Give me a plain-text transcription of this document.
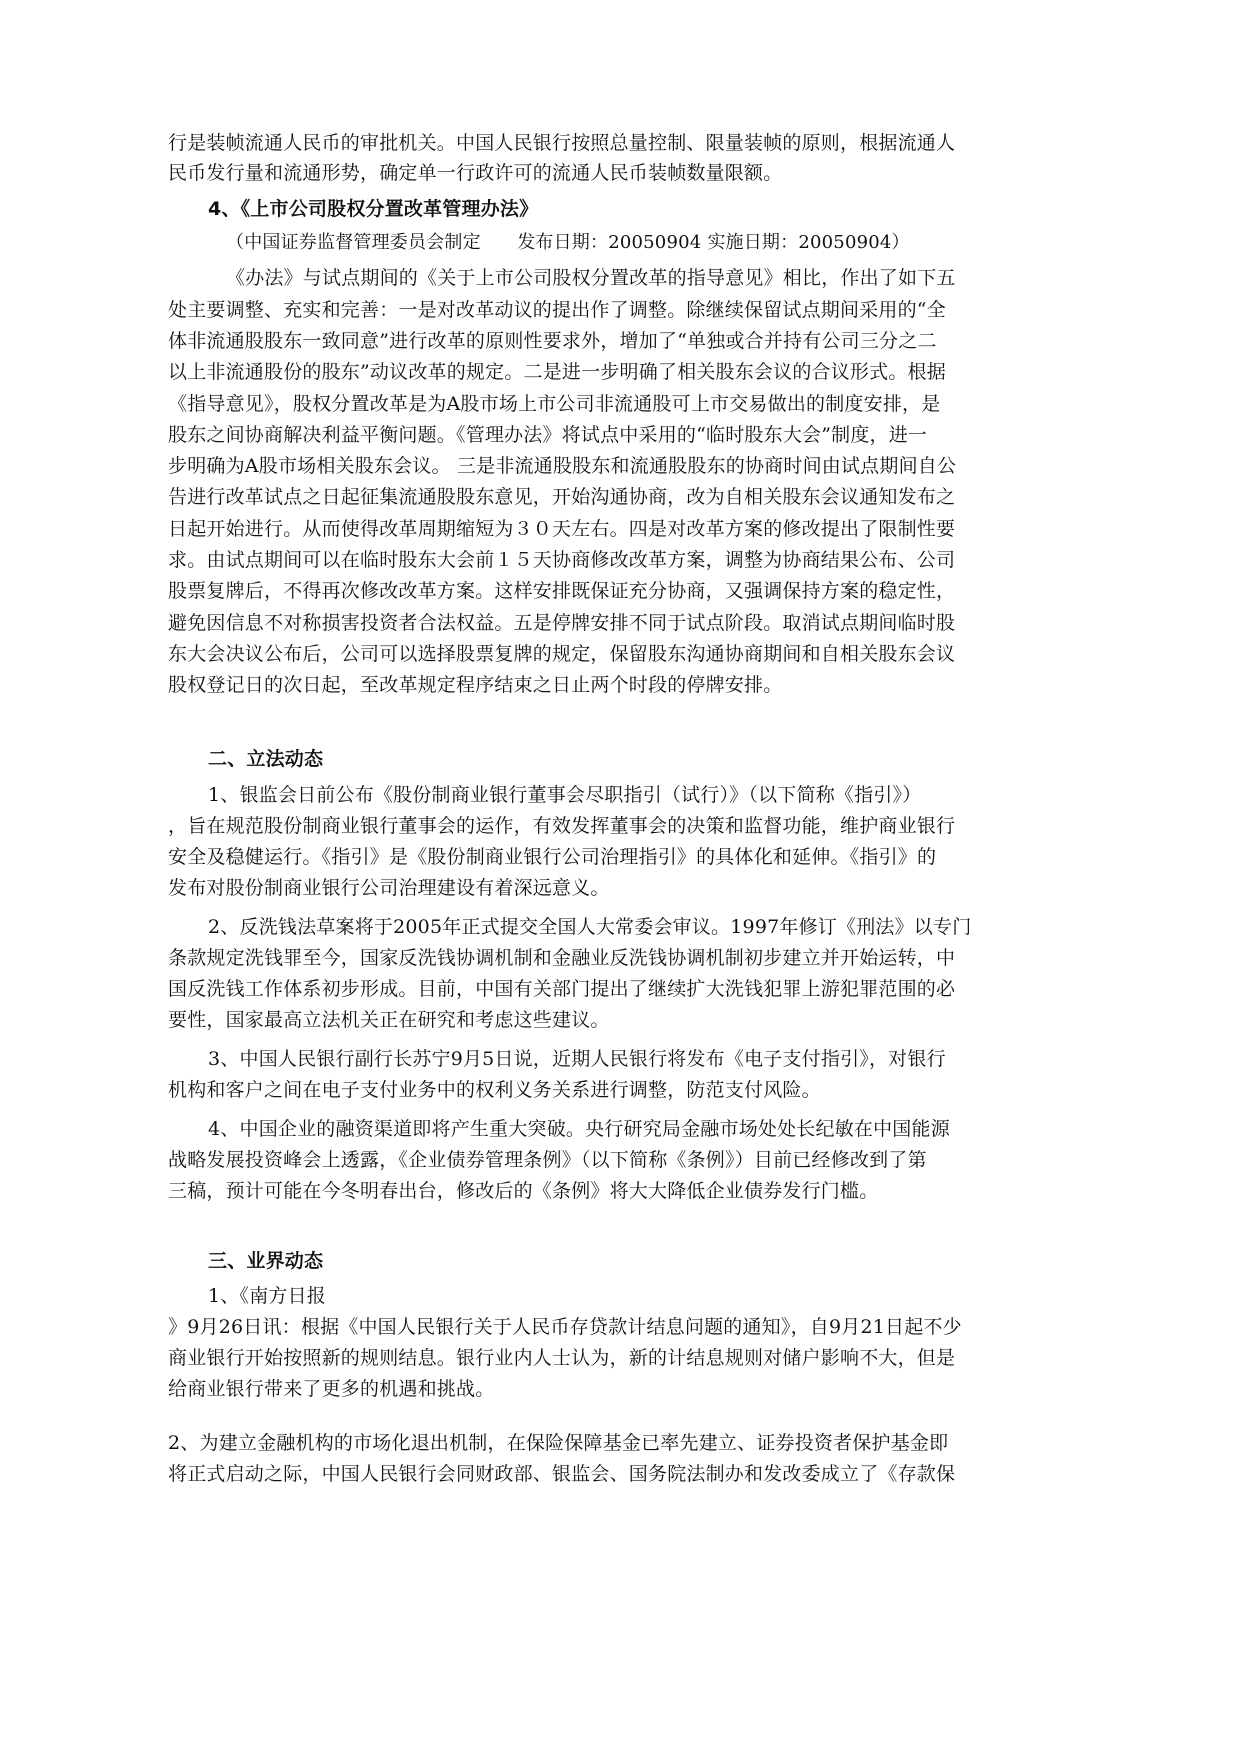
行是装帧流通人民币的审批机关。中国人民银行按照总量控制、限量装帧的原则，根据流通人
民币发行量和流通形势，确定单一行政许可的流通人民币装帧数量限额。
4、《上市公司股权分置改革管理办法》
（中国证券监督管理委员会制定　　发布日期：20050904 实施日期：20050904）
《办法》与试点期间的《关于上市公司股权分置改革的指导意见》相比，作出了如下五
处主要调整、充实和完善：一是对改革动议的提出作了调整。除继续保留试点期间采用的“全
体非流通股股东一致同意”进行改革的原则性要求外，增加了“单独或合并持有公司三分之二
以上非流通股份的股东”动议改革的规定。二是进一步明确了相关股东会议的合议形式。根据
《指导意见》，股权分置改革是为A股市场上市公司非流通股可上市交易做出的制度安排，是
股东之间协商解决利益平衡问题。《管理办法》将试点中采用的“临时股东大会”制度，进一
步明确为A股市场相关股东会议。 三是非流通股股东和流通股股东的协商时间由试点期间自公
告进行改革试点之日起征集流通股股东意见，开始沟通协商，改为自相关股东会议通知发布之
日起开始进行。从而使得改革周期缩短为３０天左右。四是对改革方案的修改提出了限制性要
求。由试点期间可以在临时股东大会前１５天协商修改改革方案，调整为协商结果公布、公司
股票复牌后，不得再次修改改革方案。这样安排既保证充分协商，又强调保持方案的稳定性，
避免因信息不对称损害投资者合法权益。五是停牌安排不同于试点阶段。取消试点期间临时股
东大会决议公布后，公司可以选择股票复牌的规定，保留股东沟通协商期间和自相关股东会议
股权登记日的次日起，至改革规定程序结束之日止两个时段的停牌安排。
二、立法动态
1、银监会日前公布《股份制商业银行董事会尽职指引（试行）》（以下简称《指引》）
，旨在规范股份制商业银行董事会的运作，有效发挥董事会的决策和监督功能，维护商业银行
安全及稳健运行。《指引》是《股份制商业银行公司治理指引》的具体化和延伸。《指引》的
发布对股份制商业银行公司治理建设有着深远意义。
2、反洗钱法草案将于2005年正式提交全国人大常委会审议。1997年修订《刑法》以专门
条款规定洗钱罪至今，国家反洗钱协调机制和金融业反洗钱协调机制初步建立并开始运转，中
国反洗钱工作体系初步形成。目前，中国有关部门提出了继续扩大洗钱犯罪上游犯罪范围的必
要性，国家最高立法机关正在研究和考虑这些建议。
3、中国人民银行副行长苏宁9月5日说，近期人民银行将发布《电子支付指引》，对银行
机构和客户之间在电子支付业务中的权利义务关系进行调整，防范支付风险。
4、中国企业的融资渠道即将产生重大突破。央行研究局金融市场处处长纪敏在中国能源
战略发展投资峰会上透露，《企业债券管理条例》（以下简称《条例》）目前已经修改到了第
三稿，预计可能在今冬明春出台，修改后的《条例》将大大降低企业债券发行门槛。
三、业界动态
1、《南方日报
》9月26日讯：根据《中国人民银行关于人民币存贷款计结息问题的通知》，自9月21日起不少
商业银行开始按照新的规则结息。银行业内人士认为，新的计结息规则对储户影响不大，但是
给商业银行带来了更多的机遇和挑战。
2、为建立金融机构的市场化退出机制，在保险保障基金已率先建立、证券投资者保护基金即
将正式启动之际，中国人民银行会同财政部、银监会、国务院法制办和发改委成立了《存款保
